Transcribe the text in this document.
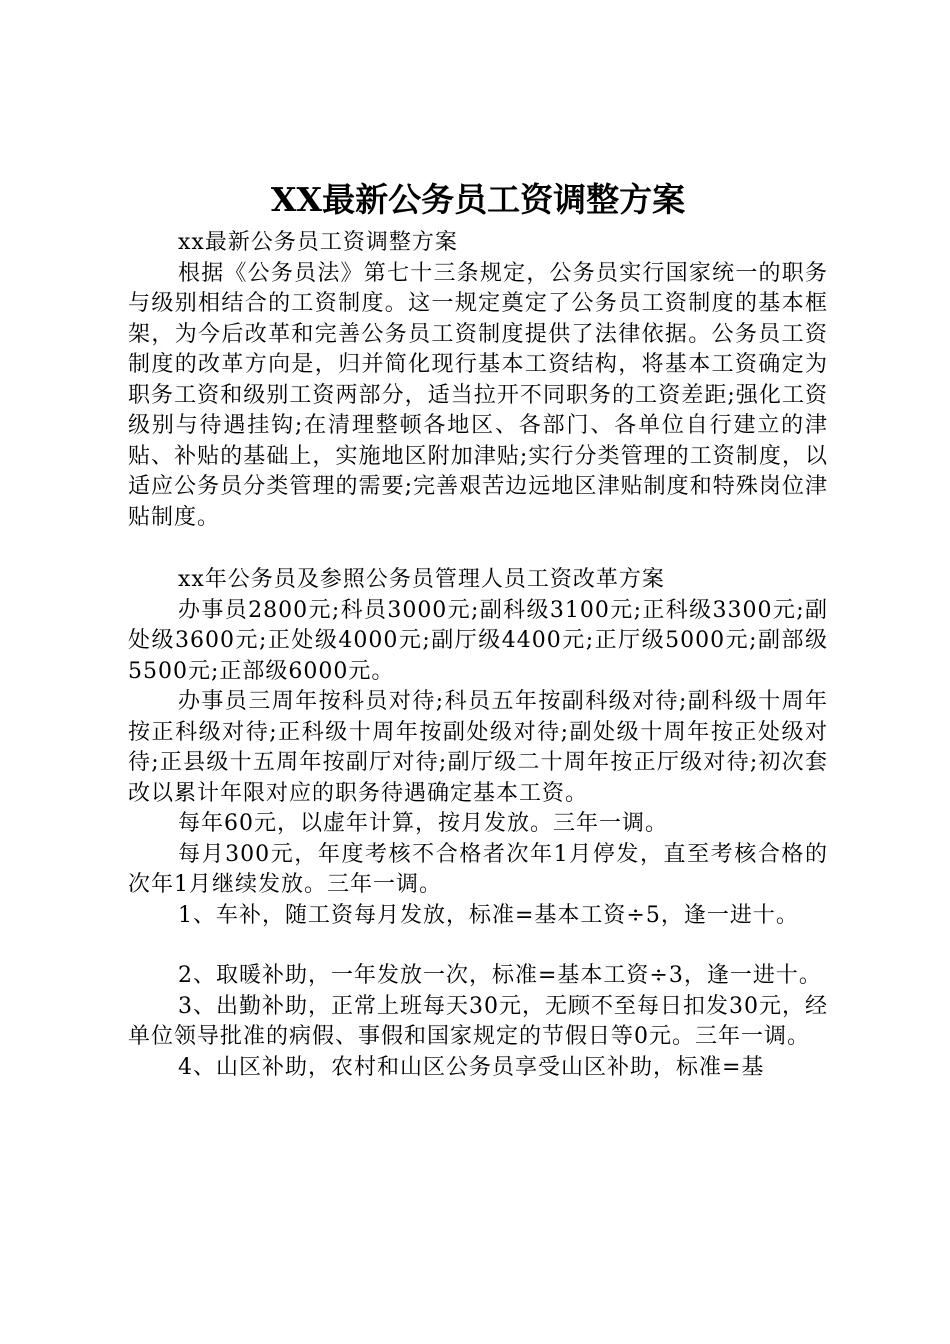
XX最新公务员工资调整方案

xx最新公务员工资调整方案

根据《公务员法》第七十三条规定，公务员实行国家统一的职务与级别相结合的工资制度。这一规定奠定了公务员工资制度的基本框架，为今后改革和完善公务员工资制度提供了法律依据。公务员工资制度的改革方向是，归并简化现行基本工资结构，将基本工资确定为职务工资和级别工资两部分，适当拉开不同职务的工资差距;强化工资级别与待遇挂钩;在清理整顿各地区、各部门、各单位自行建立的津贴、补贴的基础上，实施地区附加津贴;实行分类管理的工资制度，以适应公务员分类管理的需要;完善艰苦边远地区津贴制度和特殊岗位津贴制度。

xx年公务员及参照公务员管理人员工资改革方案

办事员2800元;科员3000元;副科级3100元;正科级3300元;副处级3600元;正处级4000元;副厅级4400元;正厅级5000元;副部级5500元;正部级6000元。

办事员三周年按科员对待;科员五年按副科级对待;副科级十周年按正科级对待;正科级十周年按副处级对待;副处级十周年按正处级对待;正县级十五周年按副厅对待;副厅级二十周年按正厅级对待;初次套改以累计年限对应的职务待遇确定基本工资。

每年60元，以虚年计算，按月发放。三年一调。

每月300元，年度考核不合格者次年1月停发，直至考核合格的次年1月继续发放。三年一调。

1、车补，随工资每月发放，标准=基本工资÷5，逢一进十。

2、取暖补助，一年发放一次，标准=基本工资÷3，逢一进十。

3、出勤补助，正常上班每天30元，无顾不至每日扣发30元，经单位领导批准的病假、事假和国家规定的节假日等0元。三年一调。

4、山区补助，农村和山区公务员享受山区补助，标准=基
